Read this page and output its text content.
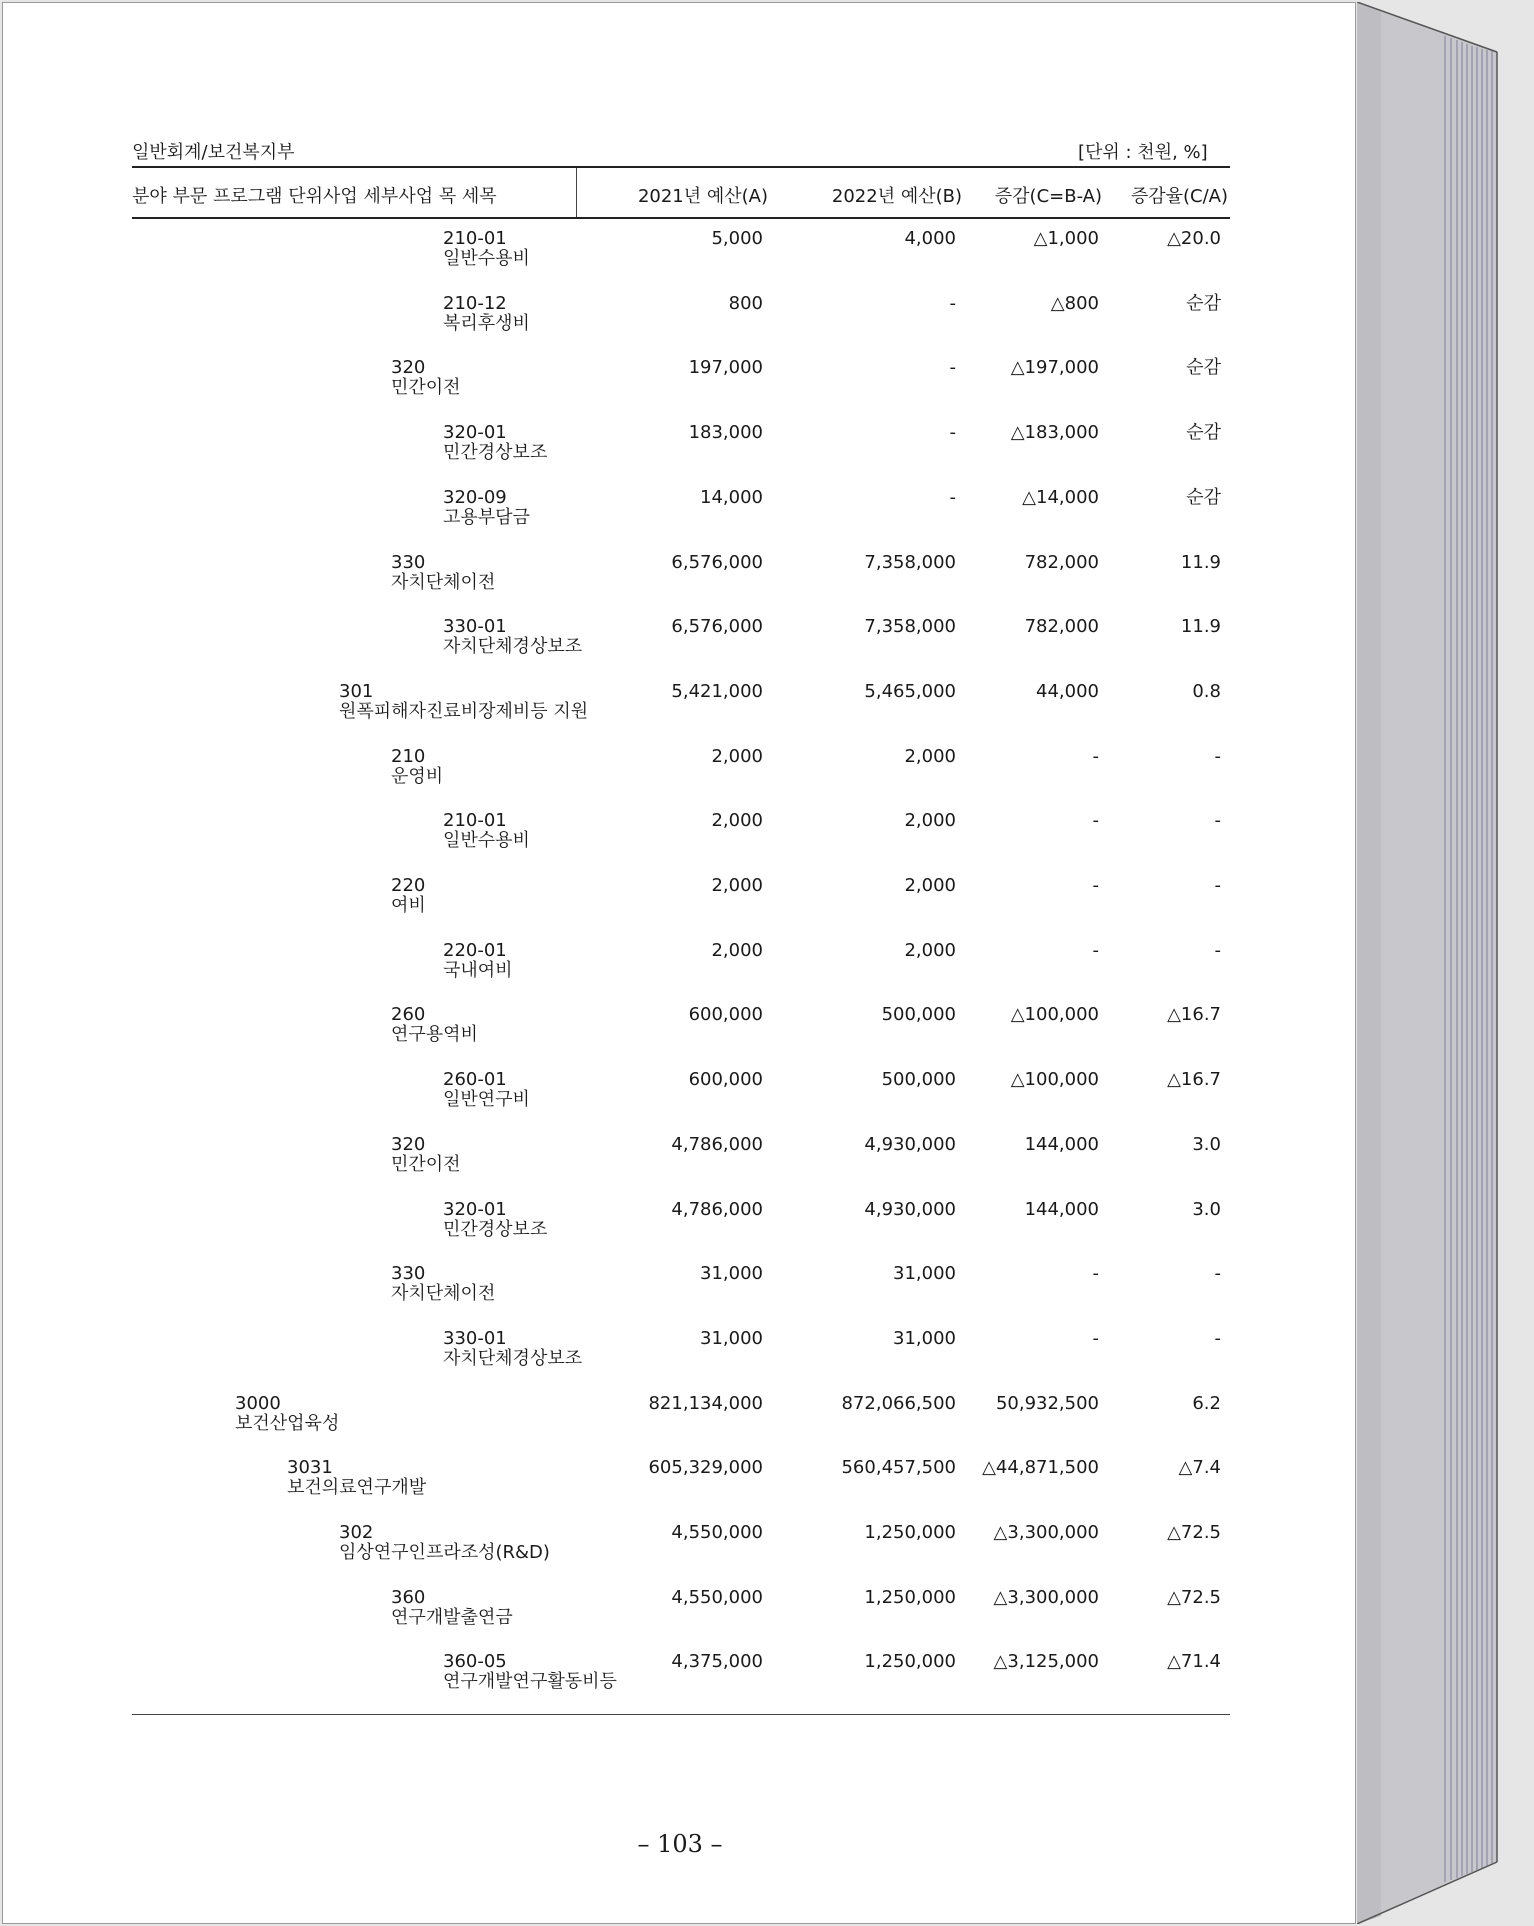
일반회계/보건복지부	[단위 : 천원, %]
분야 부문 프로그램 단위사업 세부사업 목 세목	2021년 예산(A)	2022년 예산(B) 증감(C=B-A) 증감율(C/A)
210-01
일반수용비
5,000	4,000	△1,000	△20.0
210-12
복리후생비
800	-	△800	순감
320
민간이전
197,000	-	△197,000	순감
320-01
민간경상보조
183,000	-	△183,000	순감
320-09
고용부담금
14,000	-	△14,000	순감
330
자치단체이전
6,576,000	7,358,000	782,000	11.9
330-01
자치단체경상보조
6,576,000	7,358,000	782,000	11.9
301
원폭피해자진료비장제비등 지원
5,421,000	5,465,000	44,000	0.8
210
운영비
2,000	2,000	-	-
210-01
일반수용비
2,000	2,000	-	-
220
여비
2,000	2,000	-	-
220-01
국내여비
2,000	2,000	-	-
260
연구용역비
600,000	500,000	△100,000	△16.7
260-01
일반연구비
600,000	500,000	△100,000	△16.7
320
민간이전
4,786,000	4,930,000	144,000	3.0
320-01
민간경상보조
4,786,000	4,930,000	144,000	3.0
330
자치단체이전
31,000	31,000	-	-
330-01
자치단체경상보조
31,000	31,000	-	-
3000
보건산업육성
821,134,000	872,066,500 50,932,500	6.2
3031
보건의료연구개발
605,329,000	560,457,500 △44,871,500	△7.4
302
임상연구인프라조성(R&D)
4,550,000	1,250,000 △3,300,000	△72.5
360
연구개발출연금
4,550,000	1,250,000 △3,300,000	△72.5
360-05
연구개발연구활동비등
4,375,000	1,250,000 △3,125,000	△71.4
– 103 –
